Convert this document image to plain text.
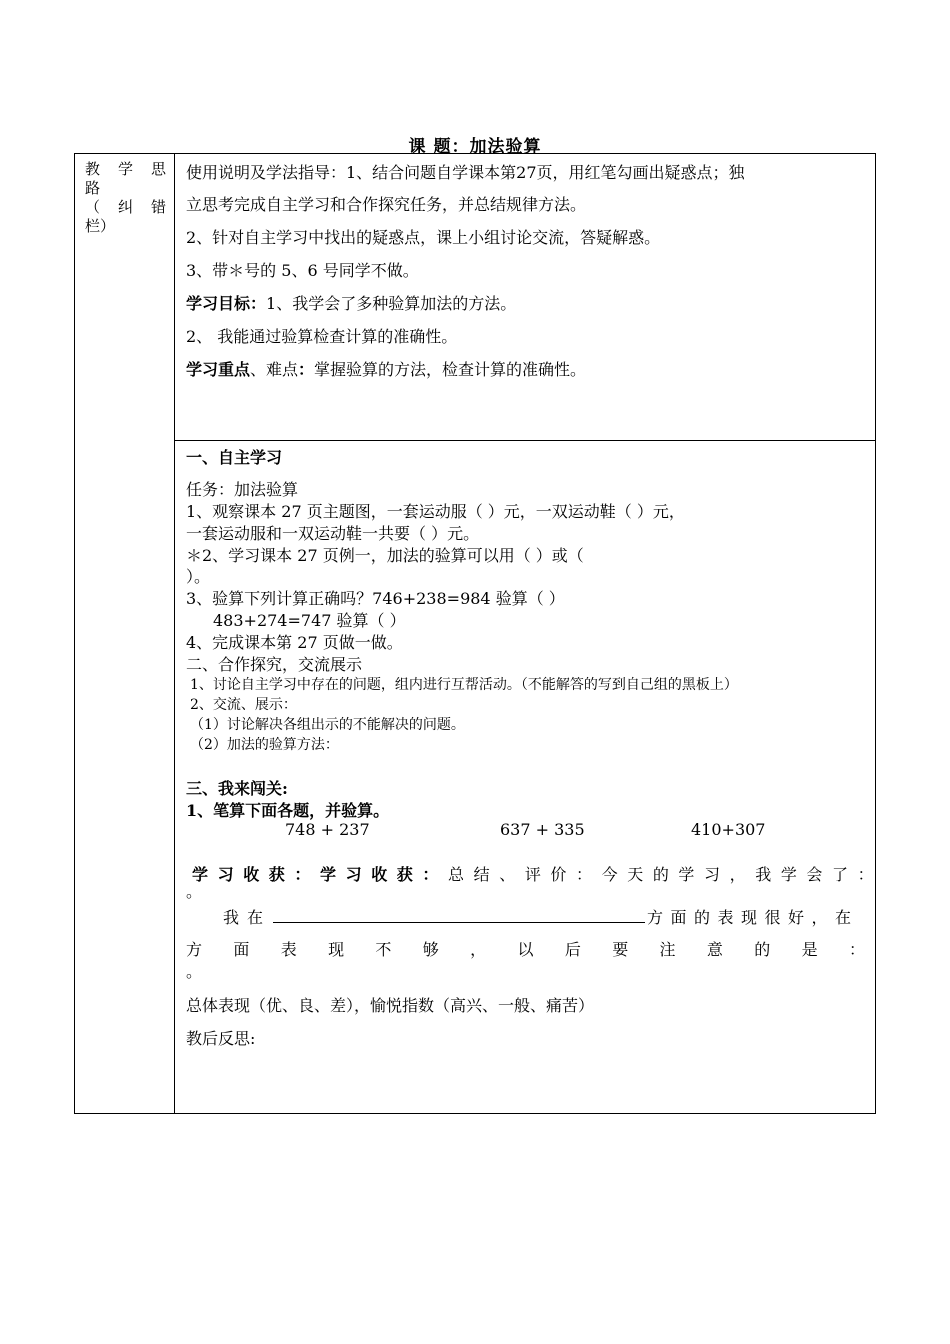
课 题：加法验算
教 学 思
路
（ 纠 错
栏）

使用说明及学法指导：1、结合问题自学课本第27页，用红笔勾画出疑惑点；独

立思考完成自主学习和合作探究任务，并总结规律方法。

2、针对自主学习中找出的疑惑点，课上小组讨论交流，答疑解惑。

3、带＊号的 5、6 号同学不做。

学习目标：1、我学会了多种验算加法的方法。

2、 我能通过验算检查计算的准确性。

学习重点、难点：掌握验算的方法，检查计算的准确性。

一、自主学习

任务：加法验算

1、观察课本 27 页主题图，一套运动服（ ）元，一双运动鞋（ ）元，

一套运动服和一双运动鞋一共要（ ）元。

＊2、学习课本 27 页例一，加法的验算可以用（ ）或（

）。

3、验算下列计算正确吗？746+238=984 验算（ ）

483+274=747 验算（ ）

4、完成课本第 27 页做一做。

二、合作探究，交流展示

1、讨论自主学习中存在的问题，组内进行互帮活动。（不能解答的写到自己组的黑板上）

2、交流、展示：

（1）讨论解决各组出示的不能解决的问题。

（2）加法的验算方法：

三、我来闯关:

1、笔算下面各题，并验算。

748 + 237	637 + 335	410+307

学习收获：学习收获：总结、评价：今天的学习，我学会了：

。

我在	方面的表现很好，在

方面表现不够，以后要注意的是：

。

总体表现（优、良、差），愉悦指数（高兴、一般、痛苦）

教后反思:
